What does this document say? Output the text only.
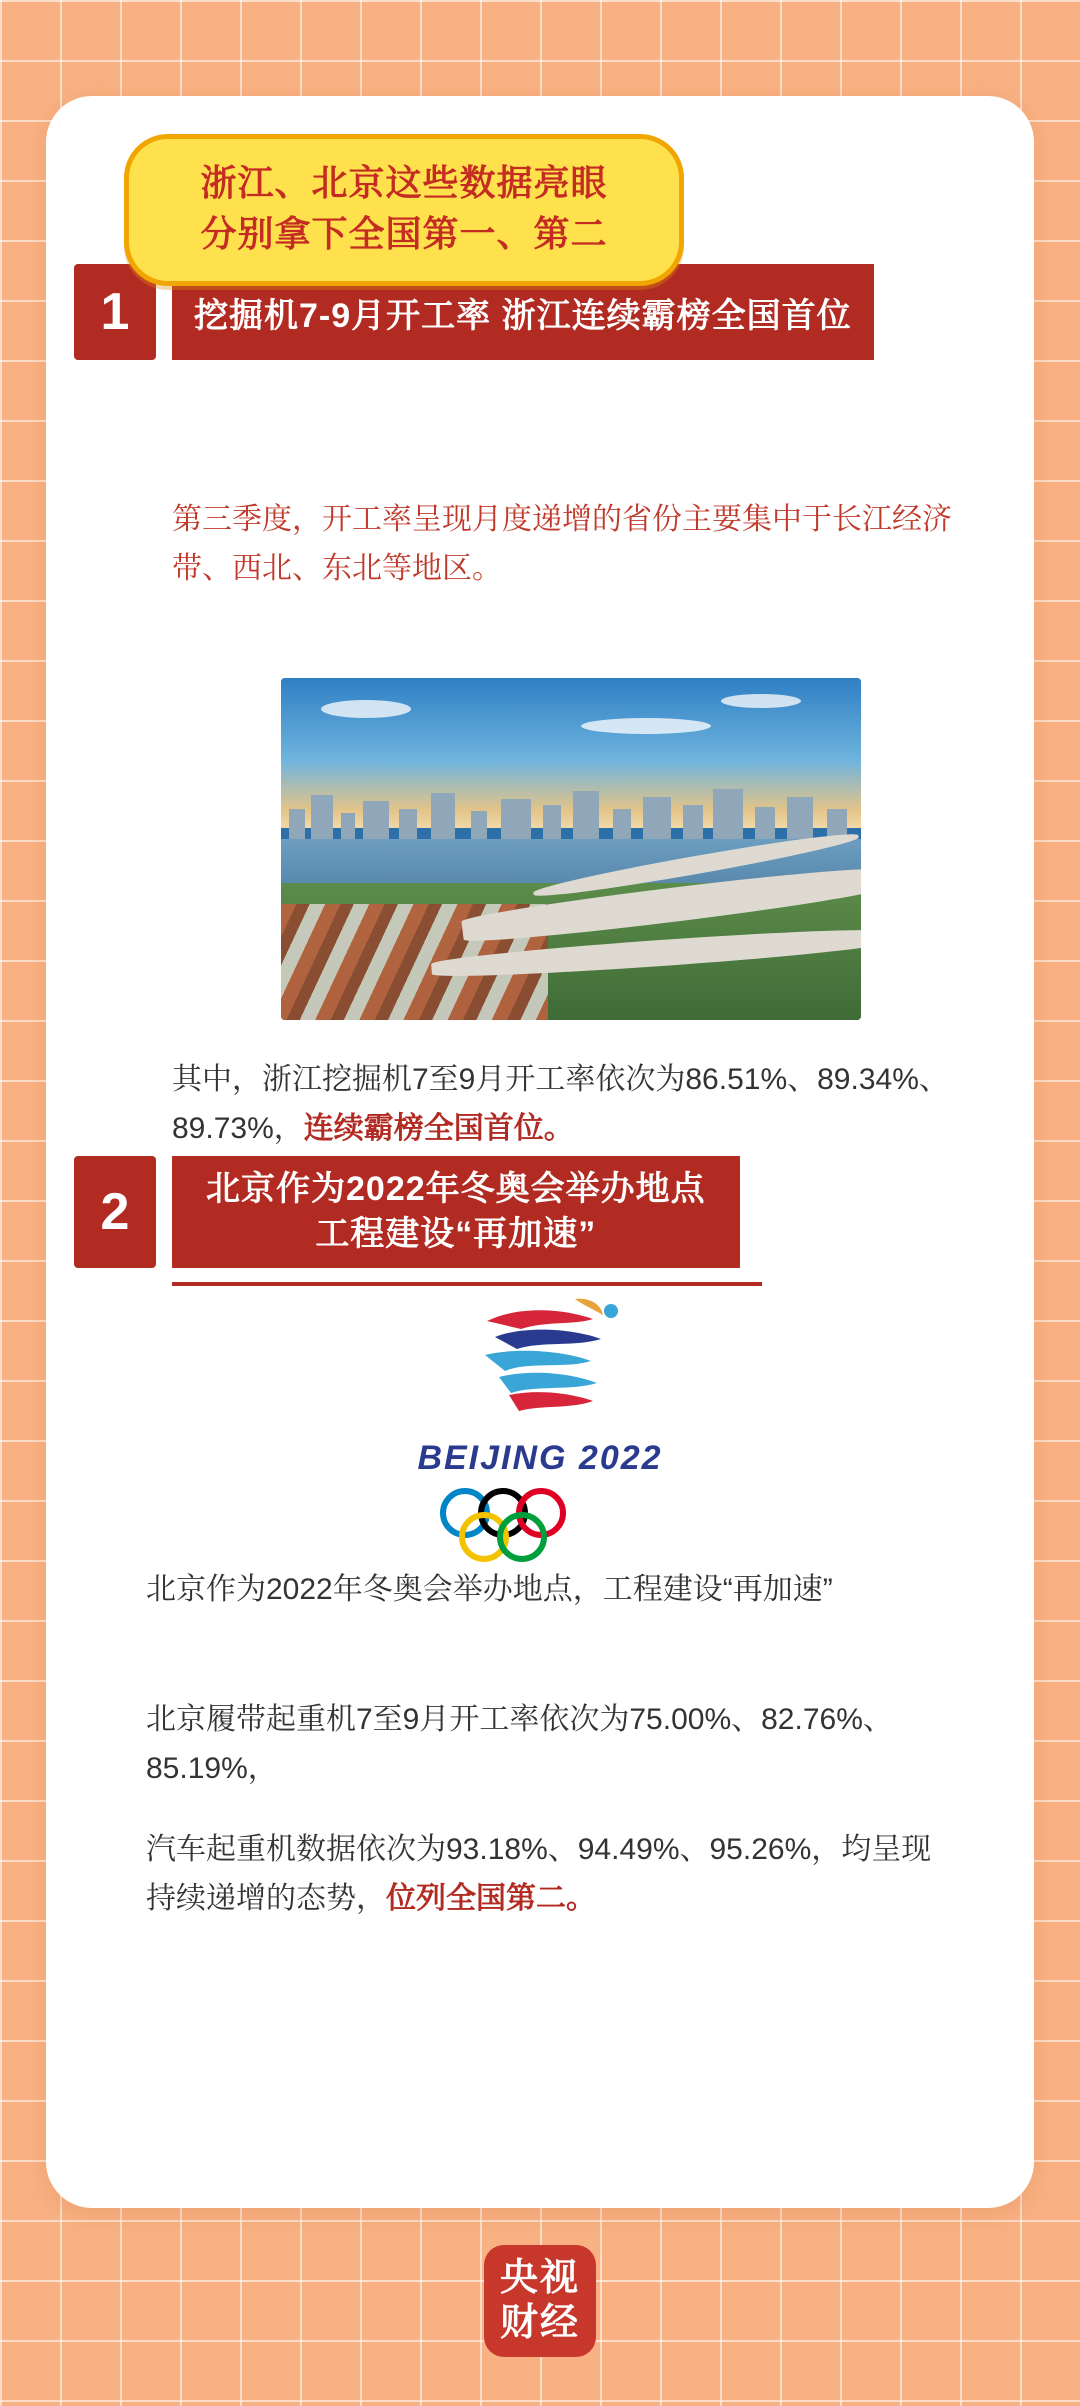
浙江、北京这些数据亮眼
分别拿下全国第一、第二
1	挖掘机7-9月开工率 浙江连续霸榜全国首位
第三季度，开工率呈现月度递增的省份主要集中于长江经济带、西北、东北等地区。
其中，浙江挖掘机7至9月开工率依次为86.51%、89.34%、89.73%，连续霸榜全国首位。
2	北京作为2022年冬奥会举办地点
工程建设“再加速”
BEIJING 2022
北京作为2022年冬奥会举办地点，工程建设“再加速”
北京履带起重机7至9月开工率依次为75.00%、82.76%、85.19%，
汽车起重机数据依次为93.18%、94.49%、95.26%，均呈现持续递增的态势，位列全国第二。
央视
财经
